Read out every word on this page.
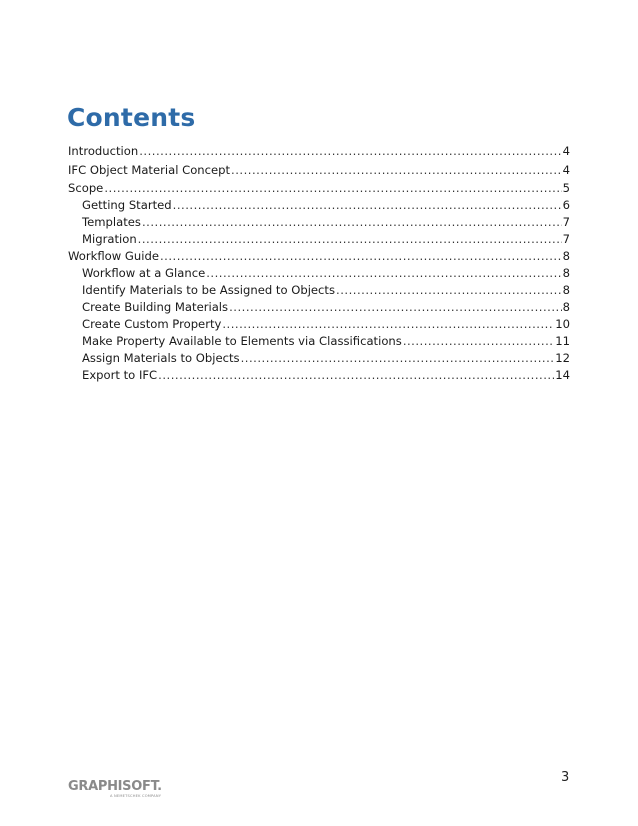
Contents
Introduction .....	4
IFC Object Material Concept .....	4
Scope .....	5
Getting Started .....	6
Templates .....	7
Migration .....	7
Workflow Guide .....	8
Workflow at a Glance .....	8
Identify Materials to be Assigned to Objects .....	8
Create Building Materials .....	8
Create Custom Property .....	10
Make Property Available to Elements via Classifications .....	11
Assign Materials to Objects .....	12
Export to IFC .....	14
3
GRAPHISOFT.
A NEMETSCHEK COMPANY
